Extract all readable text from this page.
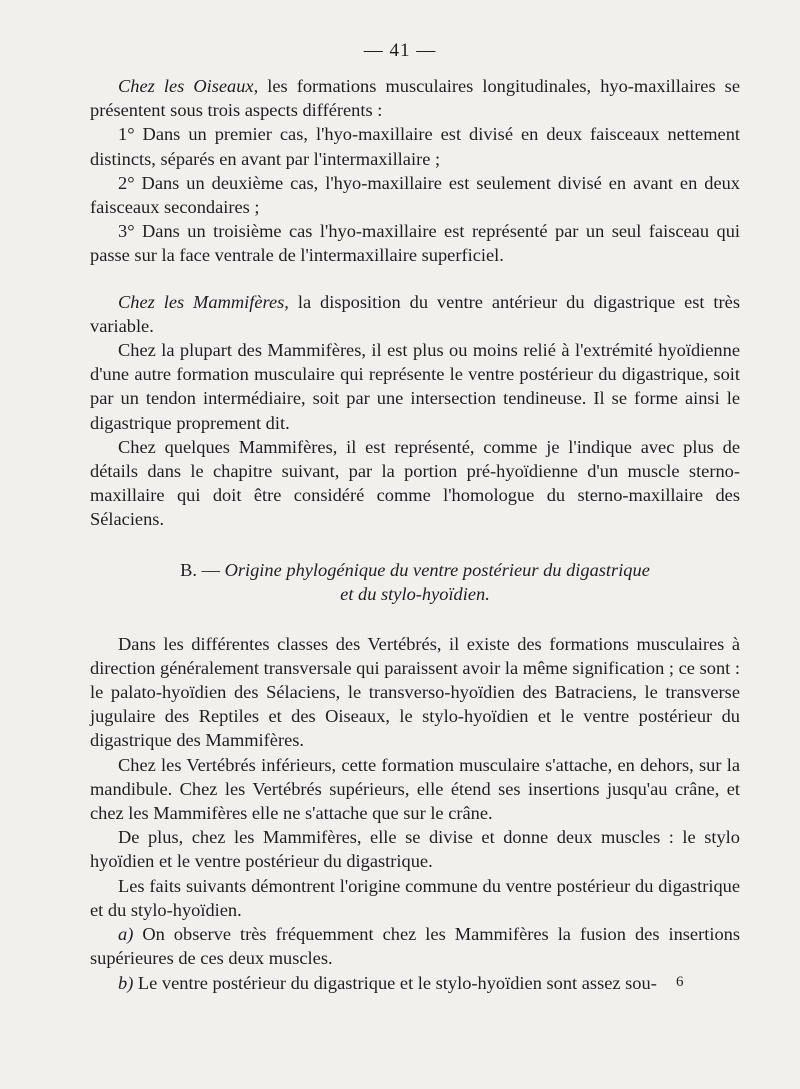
— 41 —

Chez les Oiseaux, les formations musculaires longitudinales, hyo-maxillaires se présentent sous trois aspects différents :

1° Dans un premier cas, l'hyo-maxillaire est divisé en deux faisceaux nettement distincts, séparés en avant par l'intermaxillaire ;

2° Dans un deuxième cas, l'hyo-maxillaire est seulement divisé en avant en deux faisceaux secondaires ;

3° Dans un troisième cas l'hyo-maxillaire est représenté par un seul faisceau qui passe sur la face ventrale de l'intermaxillaire superficiel.

Chez les Mammifères, la disposition du ventre antérieur du digastrique est très variable.

Chez la plupart des Mammifères, il est plus ou moins relié à l'extrémité hyoïdienne d'une autre formation musculaire qui représente le ventre postérieur du digastrique, soit par un tendon intermédiaire, soit par une intersection tendineuse. Il se forme ainsi le digastrique proprement dit.

Chez quelques Mammifères, il est représenté, comme je l'indique avec plus de détails dans le chapitre suivant, par la portion pré-hyoïdienne d'un muscle sterno-maxillaire qui doit être considéré comme l'homologue du sterno-maxillaire des Sélaciens.

B. — Origine phylogénique du ventre postérieur du digastrique
et du stylo-hyoïdien.

Dans les différentes classes des Vertébrés, il existe des formations musculaires à direction généralement transversale qui paraissent avoir la même signification ; ce sont : le palato-hyoïdien des Sélaciens, le transverso-hyoïdien des Batraciens, le transverse jugulaire des Reptiles et des Oiseaux, le stylo-hyoïdien et le ventre postérieur du digastrique des Mammifères.

Chez les Vertébrés inférieurs, cette formation musculaire s'attache, en dehors, sur la mandibule. Chez les Vertébrés supérieurs, elle étend ses insertions jusqu'au crâne, et chez les Mammifères elle ne s'attache que sur le crâne.

De plus, chez les Mammifères, elle se divise et donne deux muscles : le stylo hyoïdien et le ventre postérieur du digastrique.

Les faits suivants démontrent l'origine commune du ventre postérieur du digastrique et du stylo-hyoïdien.

a) On observe très fréquemment chez les Mammifères la fusion des insertions supérieures de ces deux muscles.

b) Le ventre postérieur du digastrique et le stylo-hyoïdien sont assez sou-	6
